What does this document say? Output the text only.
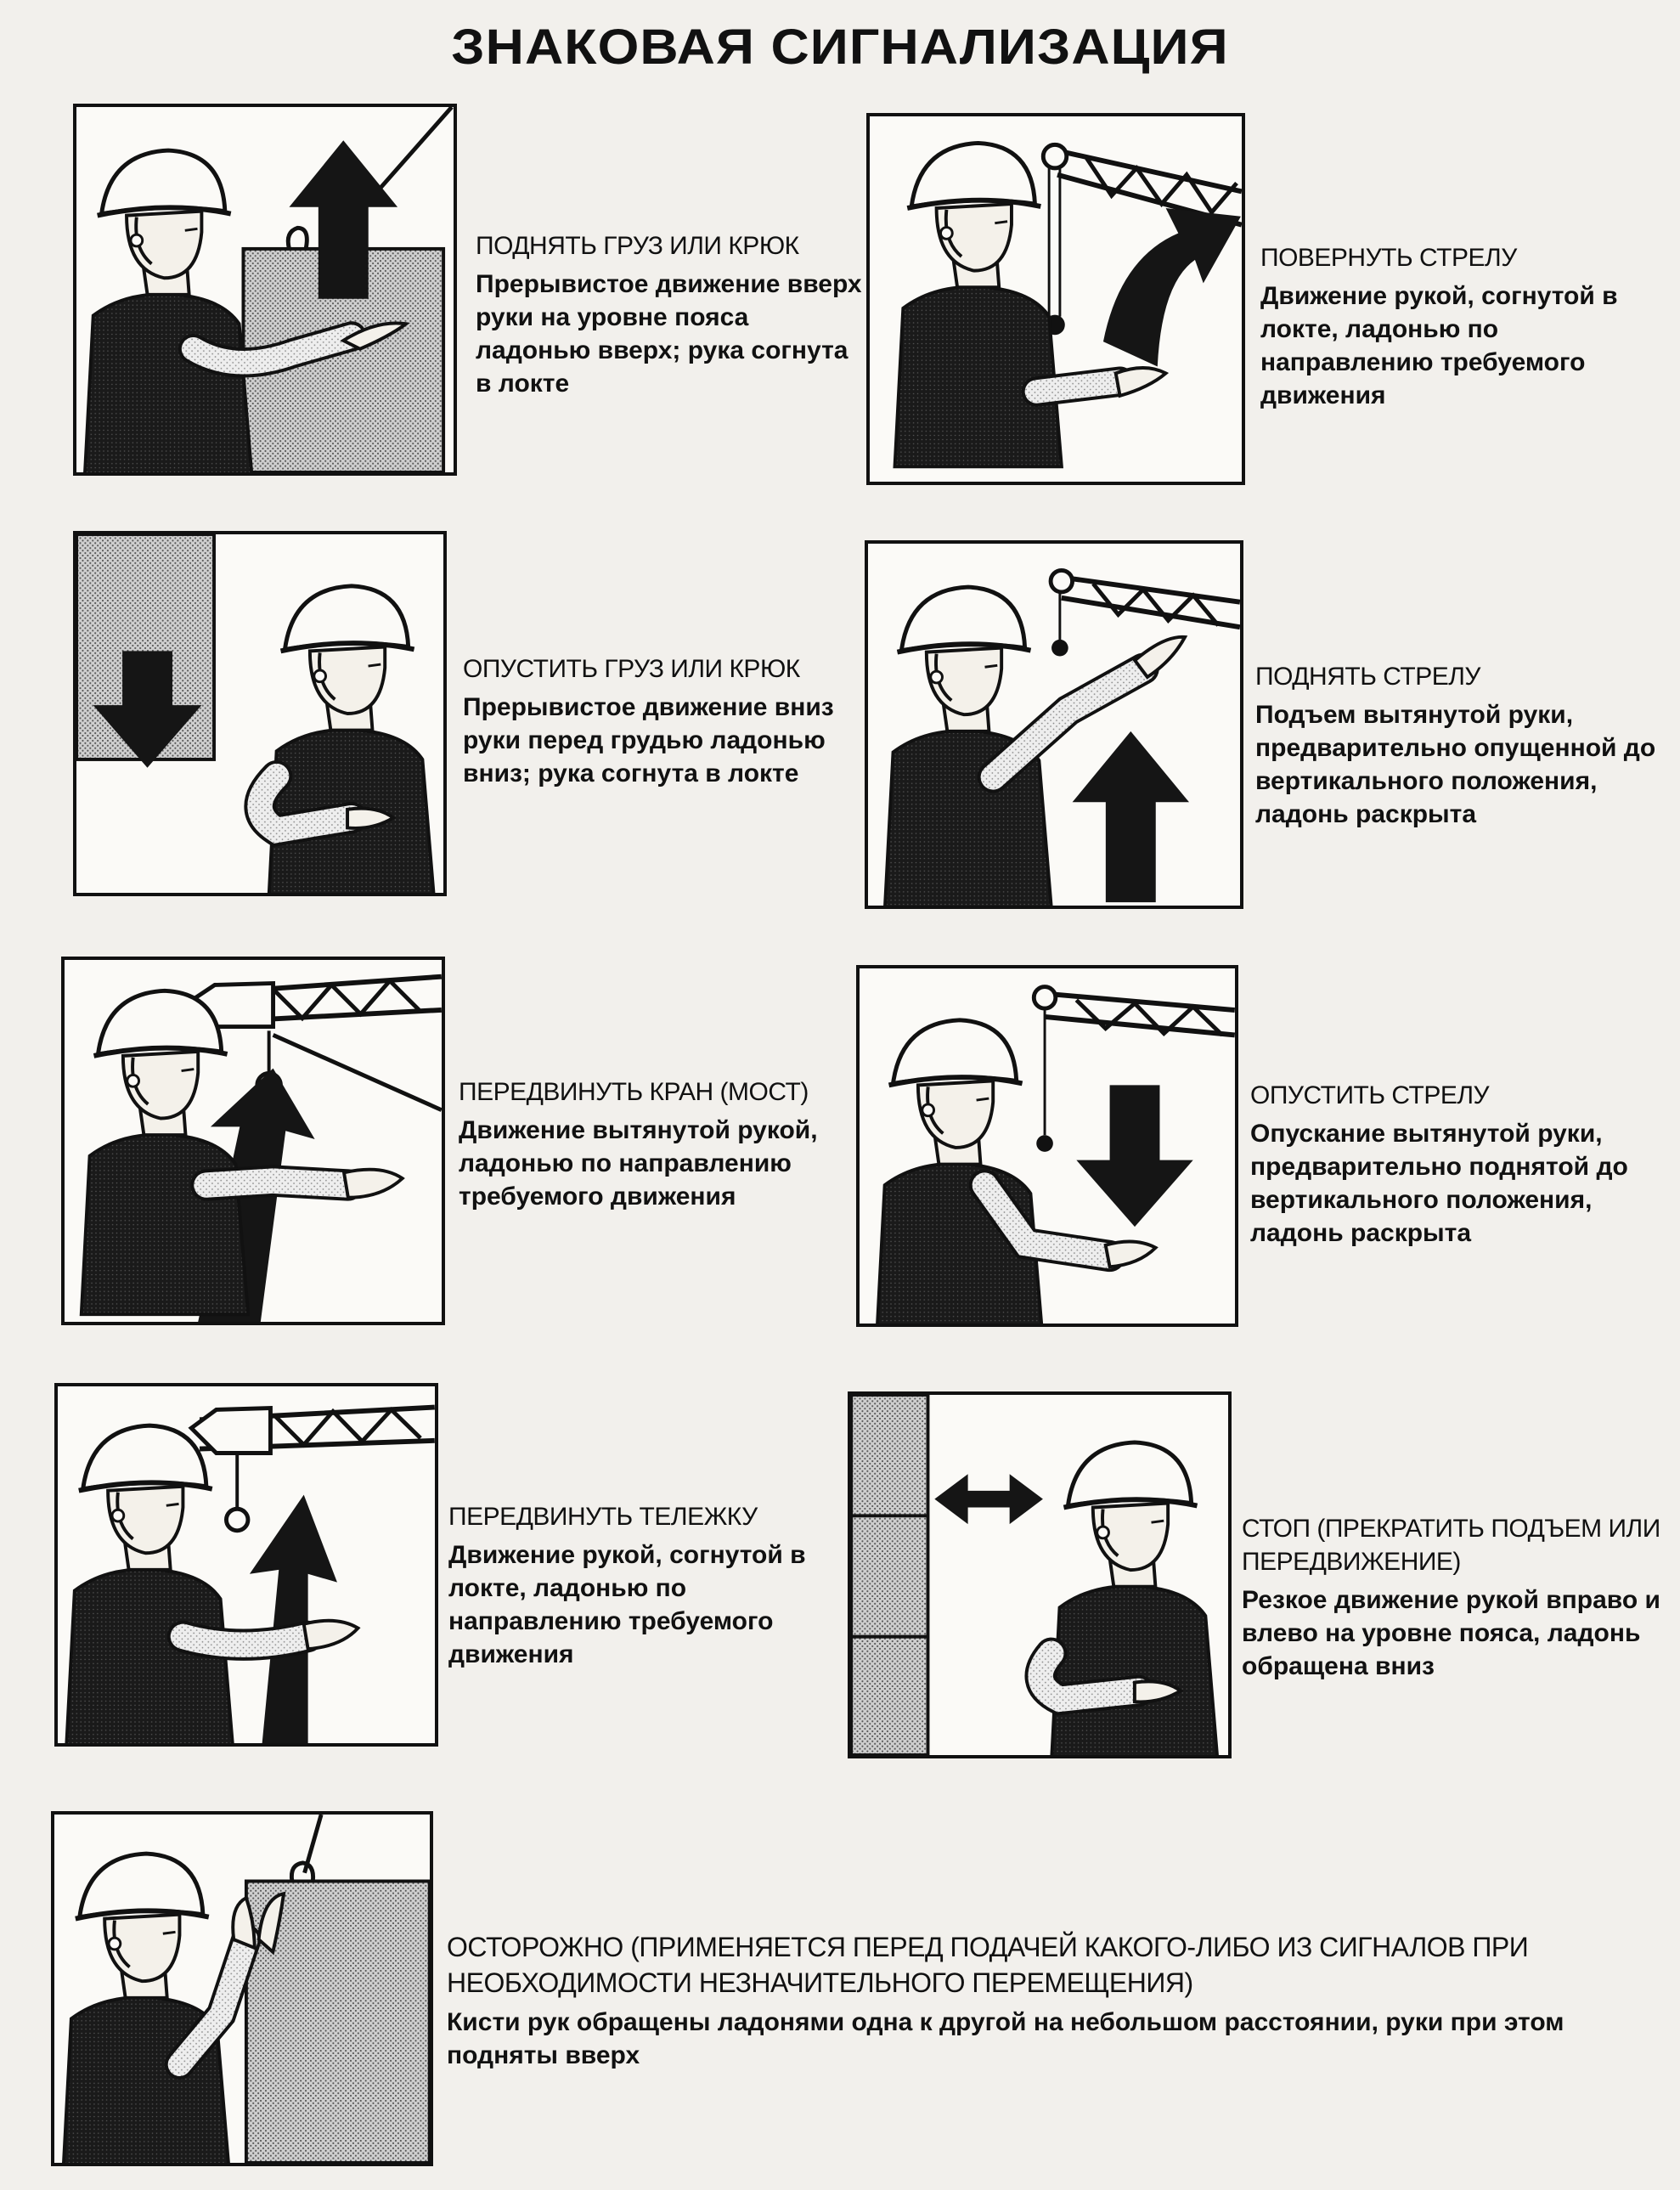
ЗНАКОВАЯ СИГНАЛИЗАЦИЯ
ПОДНЯТЬ ГРУЗ ИЛИ КРЮК
Прерывистое движение вверх руки на уровне пояса ладонью вверх; рука согнута в локте
ПОВЕРНУТЬ СТРЕЛУ
Движение рукой, согнутой в локте, ладонью по направлению требуемого движения
ОПУСТИТЬ ГРУЗ ИЛИ КРЮК
Прерывистое движение вниз руки перед грудью ладонью вниз; рука согнута в локте
ПОДНЯТЬ СТРЕЛУ
Подъем вытянутой руки, предварительно опущенной до вертикального положения, ладонь раскрыта
ПЕРЕДВИНУТЬ КРАН (МОСТ)
Движение вытянутой рукой, ладонью по направлению требуемого движения
ОПУСТИТЬ СТРЕЛУ
Опускание вытянутой руки, предварительно поднятой до вертикального положения, ладонь раскрыта
ПЕРЕДВИНУТЬ ТЕЛЕЖКУ
Движение рукой, согнутой в локте, ладонью по направлению требуемого движения
СТОП (ПРЕКРАТИТЬ ПОДЪЕМ ИЛИ ПЕРЕДВИЖЕНИЕ)
Резкое движение рукой вправо и влево на уровне пояса, ладонь обращена вниз
ОСТОРОЖНО (ПРИМЕНЯЕТСЯ ПЕРЕД ПОДАЧЕЙ КАКОГО-ЛИБО ИЗ СИГНАЛОВ ПРИ НЕОБХОДИМОСТИ НЕЗНАЧИТЕЛЬНОГО ПЕРЕМЕЩЕНИЯ)
Кисти рук обращены ладонями одна к другой на небольшом расстоянии, руки при этом подняты вверх
